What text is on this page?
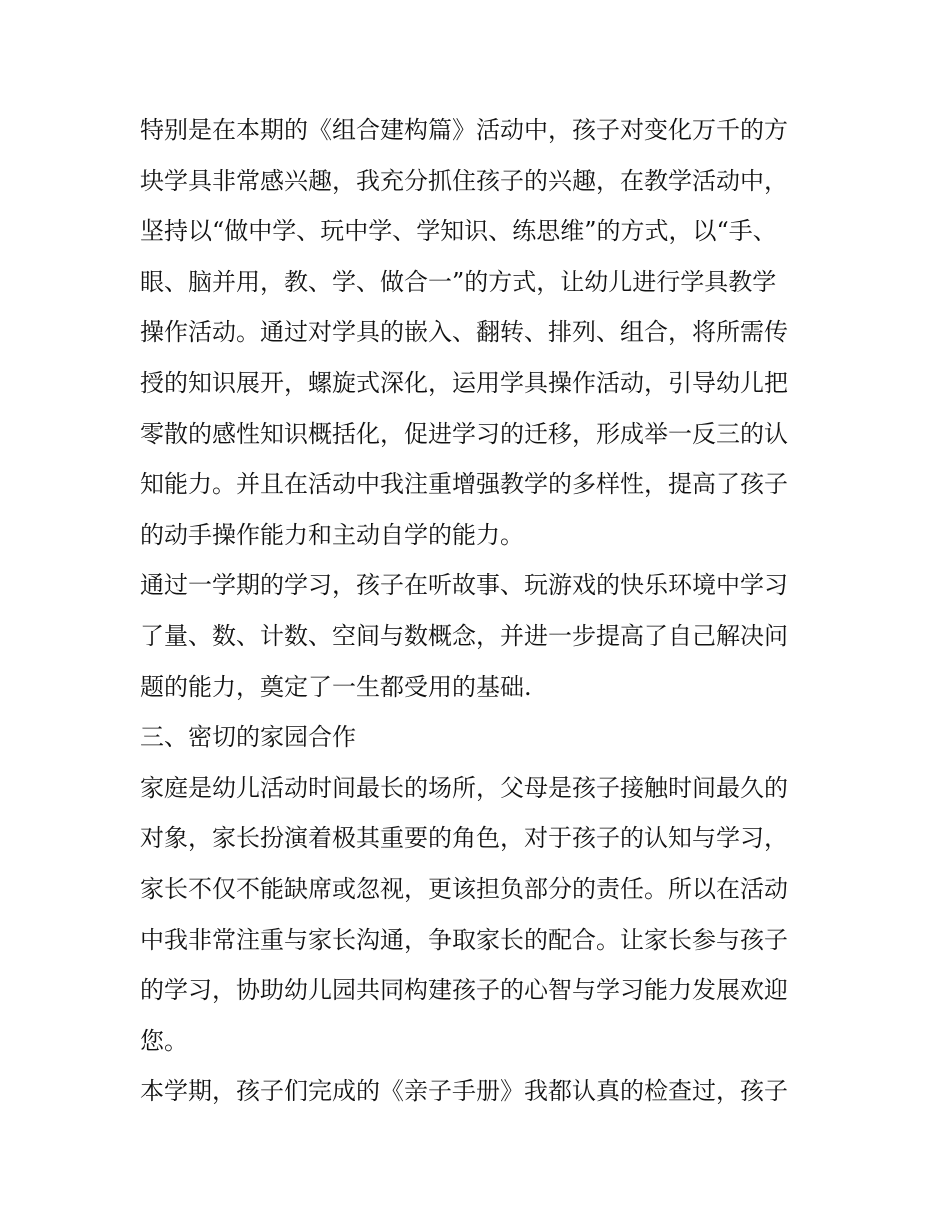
特别是在本期的《组合建构篇》活动中，孩子对变化万千的方
块学具非常感兴趣，我充分抓住孩子的兴趣，在教学活动中，
坚持以“做中学、玩中学、学知识、练思维”的方式，以“手、
眼、脑并用，教、学、做合一”的方式，让幼儿进行学具教学
操作活动。通过对学具的嵌入、翻转、排列、组合，将所需传
授的知识展开，螺旋式深化，运用学具操作活动，引导幼儿把
零散的感性知识概括化，促进学习的迁移，形成举一反三的认
知能力。并且在活动中我注重增强教学的多样性，提高了孩子
的动手操作能力和主动自学的能力。
通过一学期的学习，孩子在听故事、玩游戏的快乐环境中学习
了量、数、计数、空间与数概念，并进一步提高了自己解决问
题的能力，奠定了一生都受用的基础.
三、密切的家园合作
家庭是幼儿活动时间最长的场所，父母是孩子接触时间最久的
对象，家长扮演着极其重要的角色，对于孩子的认知与学习，
家长不仅不能缺席或忽视，更该担负部分的责任。所以在活动
中我非常注重与家长沟通，争取家长的配合。让家长参与孩子
的学习，协助幼儿园共同构建孩子的心智与学习能力发展欢迎
您。
本学期，孩子们完成的《亲子手册》我都认真的检查过，孩子
